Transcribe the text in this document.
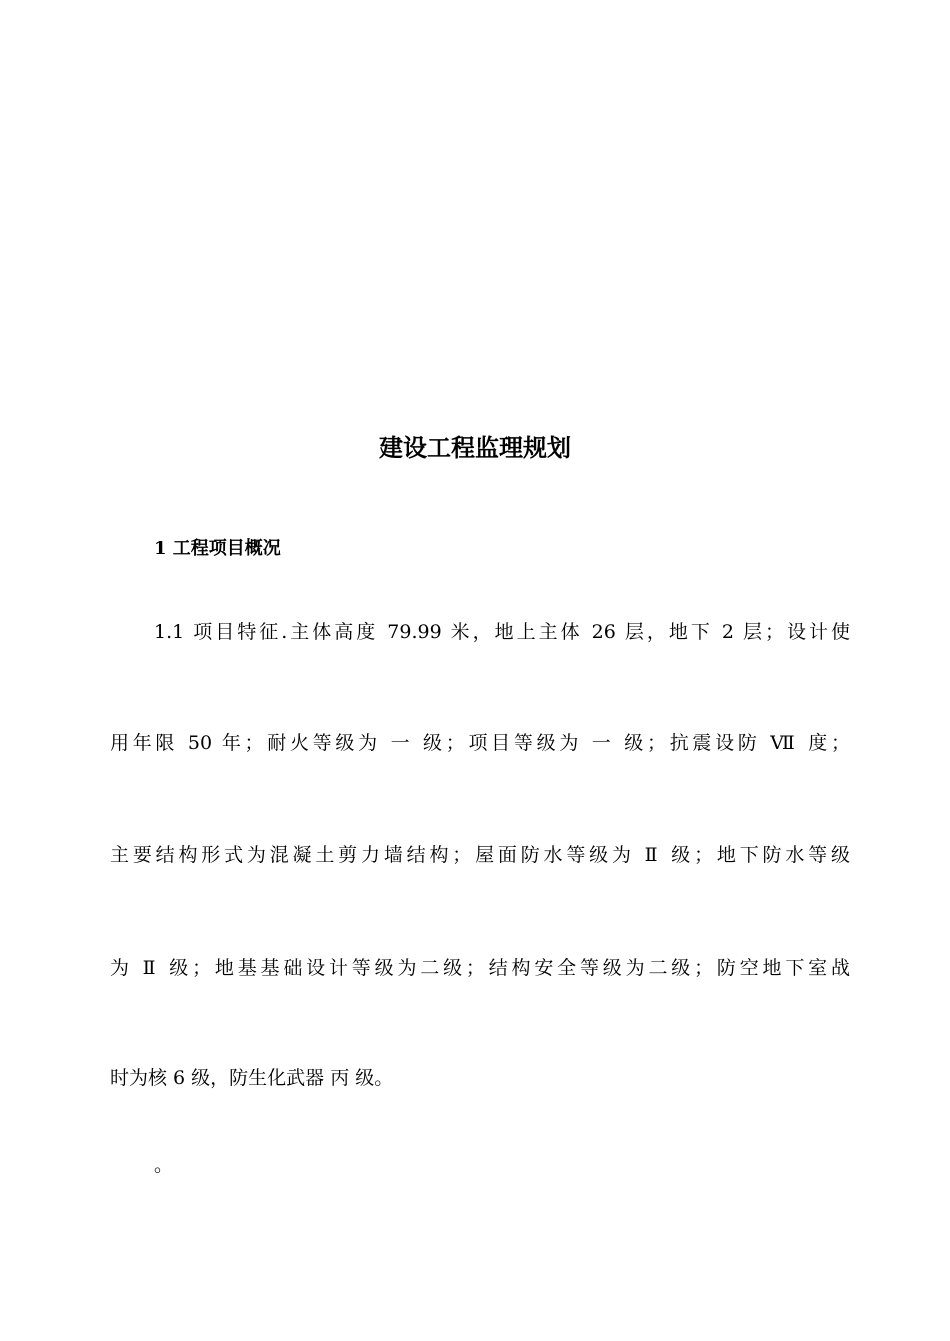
建设工程监理规划
1 工程项目概况
1.1 项目特征.主体高度 79.99 米，地上主体 26 层，地下 2 层；设计使
用年限 50 年；耐火等级为 一 级；项目等级为 一 级；抗震设防 Ⅶ 度；
主要结构形式为混凝土剪力墙结构；屋面防水等级为 Ⅱ 级；地下防水等级
为 Ⅱ 级；地基基础设计等级为二级；结构安全等级为二级；防空地下室战
时为核 6 级，防生化武器 丙 级。
。
